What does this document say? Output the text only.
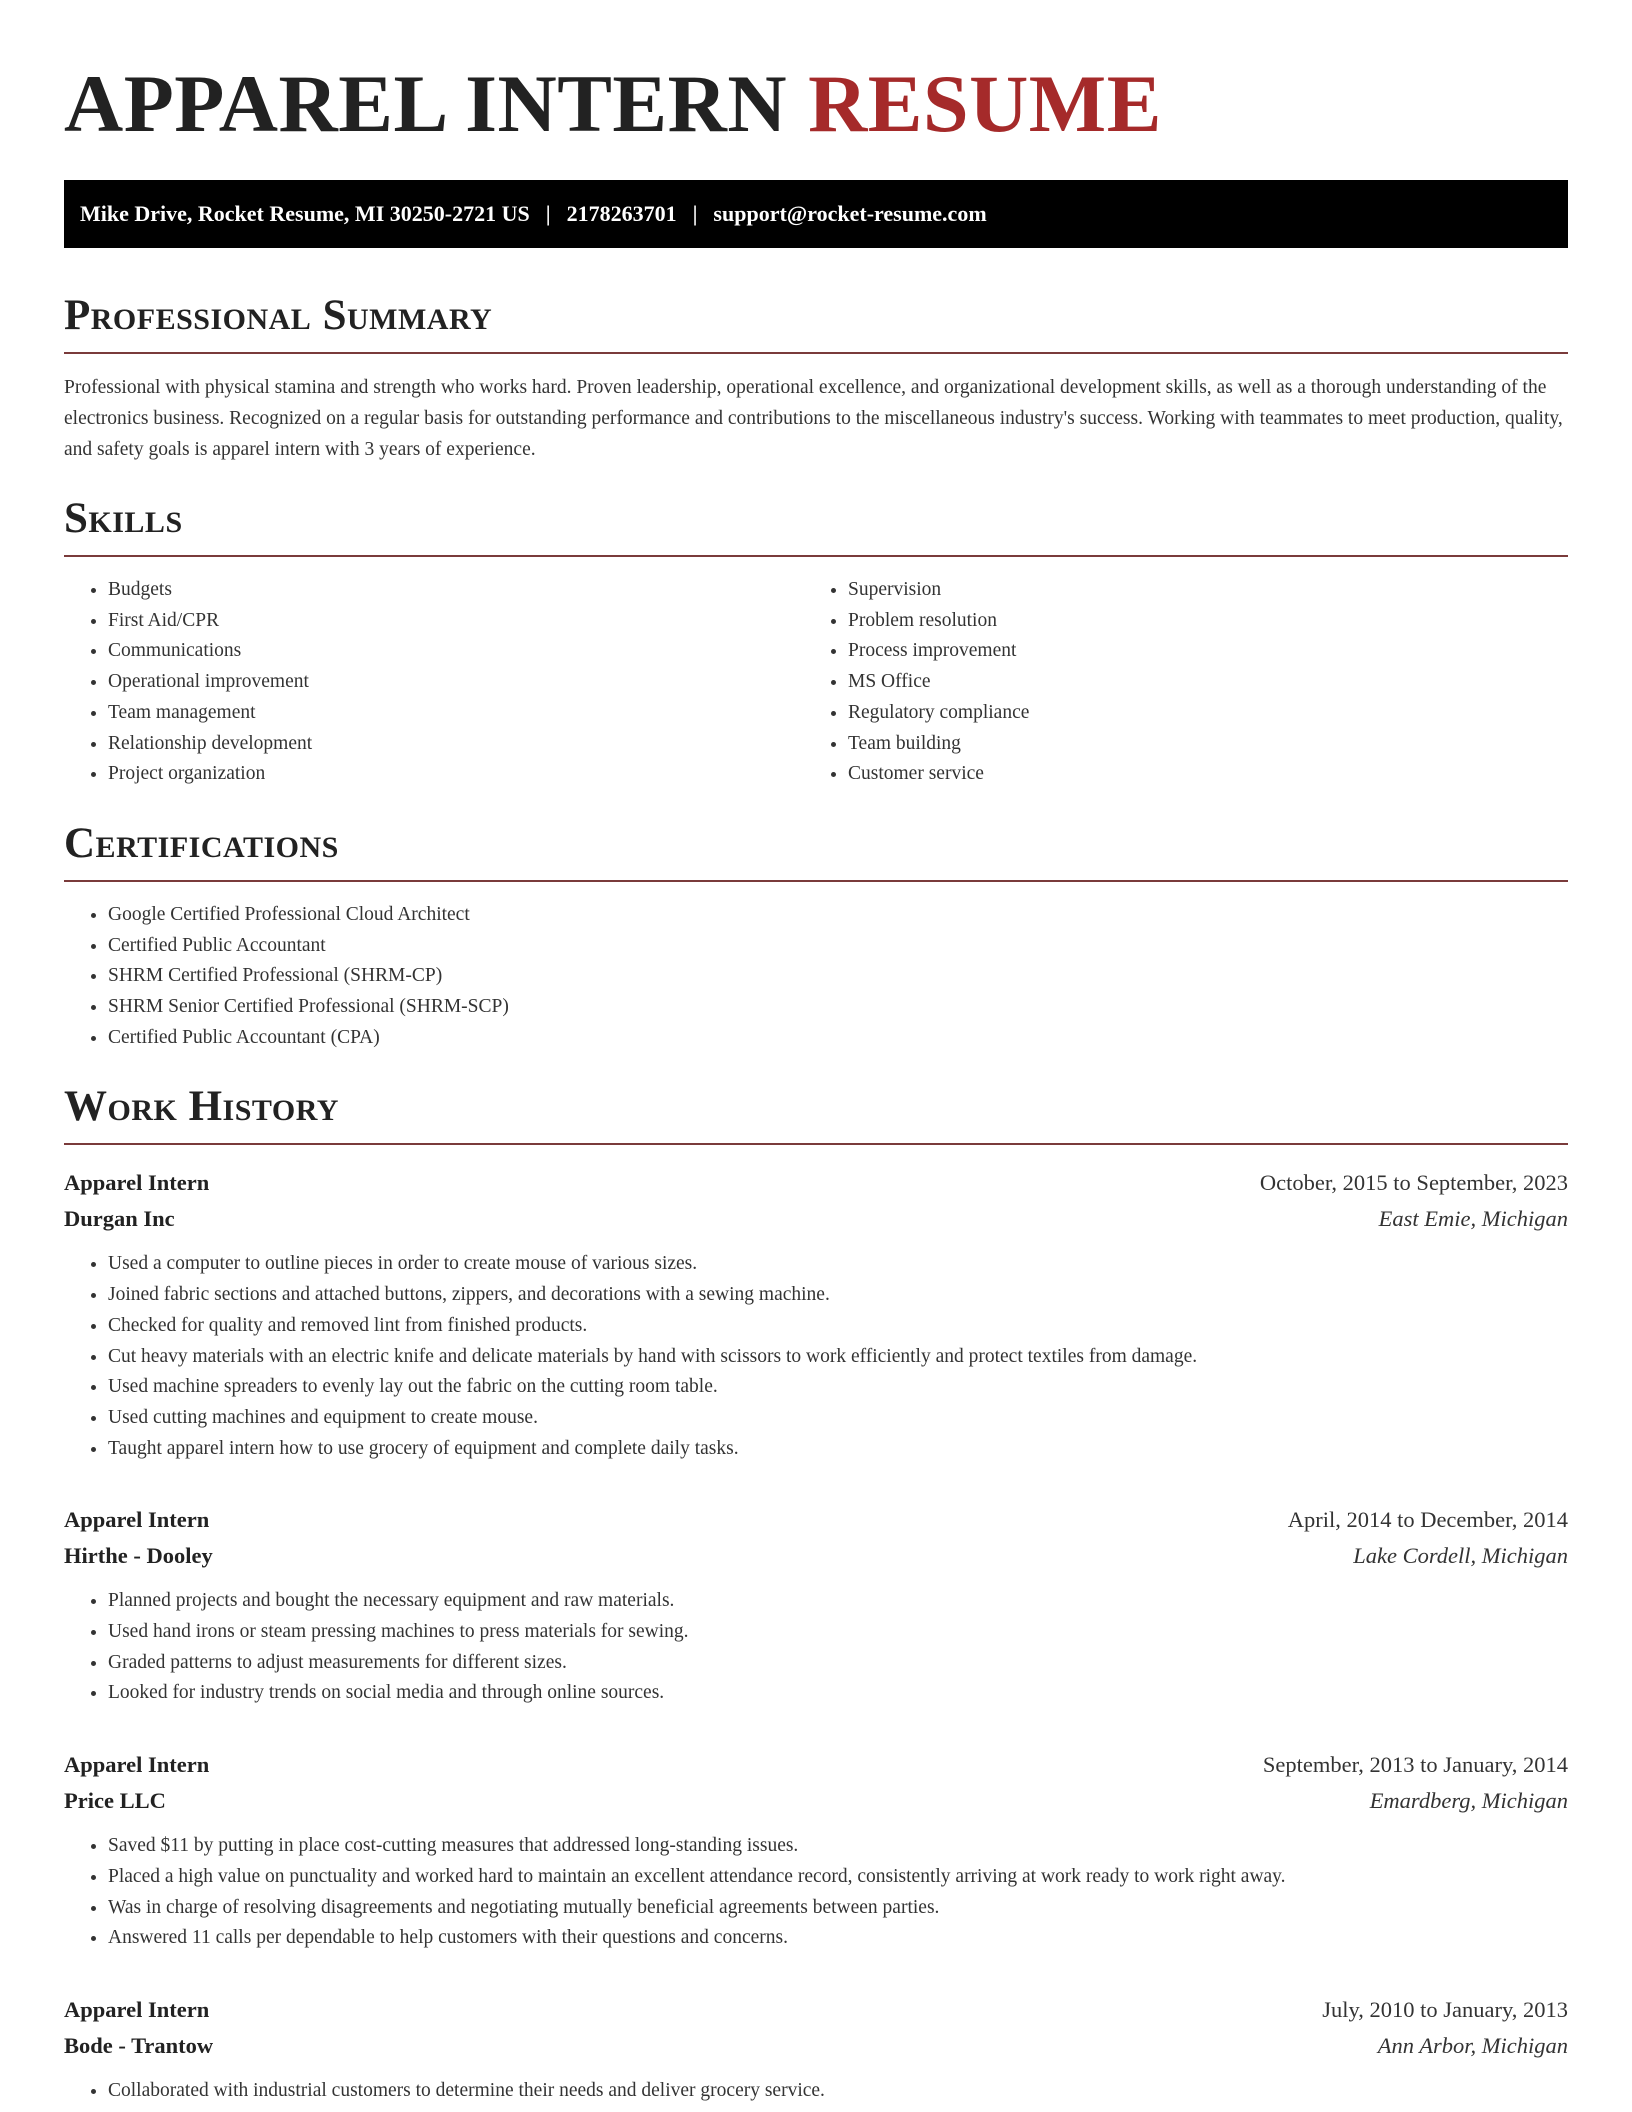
APPAREL INTERN RESUME
Mike Drive, Rocket Resume, MI 30250-2721 US | 2178263701 | support@rocket-resume.com
Professional Summary

Professional with physical stamina and strength who works hard. Proven leadership, operational excellence, and organizational development skills, as well as a thorough understanding of the electronics business. Recognized on a regular basis for outstanding performance and contributions to the miscellaneous industry's success. Working with teammates to meet production, quality, and safety goals is apparel intern with 3 years of experience.

Skills
• Budgets
• First Aid/CPR
• Communications
• Operational improvement
• Team management
• Relationship development
• Project organization
• Supervision
• Problem resolution
• Process improvement
• MS Office
• Regulatory compliance
• Team building
• Customer service
Certifications
• Google Certified Professional Cloud Architect
• Certified Public Accountant
• SHRM Certified Professional (SHRM-CP)
• SHRM Senior Certified Professional (SHRM-SCP)
• Certified Public Accountant (CPA)
Work History
Apparel Intern	October, 2015 to September, 2023
Durgan Inc	East Emie, Michigan
• Used a computer to outline pieces in order to create mouse of various sizes.
• Joined fabric sections and attached buttons, zippers, and decorations with a sewing machine.
• Checked for quality and removed lint from finished products.
• Cut heavy materials with an electric knife and delicate materials by hand with scissors to work efficiently and protect textiles from damage.
• Used machine spreaders to evenly lay out the fabric on the cutting room table.
• Used cutting machines and equipment to create mouse.
• Taught apparel intern how to use grocery of equipment and complete daily tasks.
Apparel Intern	April, 2014 to December, 2014
Hirthe - Dooley	Lake Cordell, Michigan
• Planned projects and bought the necessary equipment and raw materials.
• Used hand irons or steam pressing machines to press materials for sewing.
• Graded patterns to adjust measurements for different sizes.
• Looked for industry trends on social media and through online sources.
Apparel Intern	September, 2013 to January, 2014
Price LLC	Emardberg, Michigan
• Saved $11 by putting in place cost-cutting measures that addressed long-standing issues.
• Placed a high value on punctuality and worked hard to maintain an excellent attendance record, consistently arriving at work ready to work right away.
• Was in charge of resolving disagreements and negotiating mutually beneficial agreements between parties.
• Answered 11 calls per dependable to help customers with their questions and concerns.
Apparel Intern	July, 2010 to January, 2013
Bode - Trantow	Ann Arbor, Michigan
• Collaborated with industrial customers to determine their needs and deliver grocery service.
